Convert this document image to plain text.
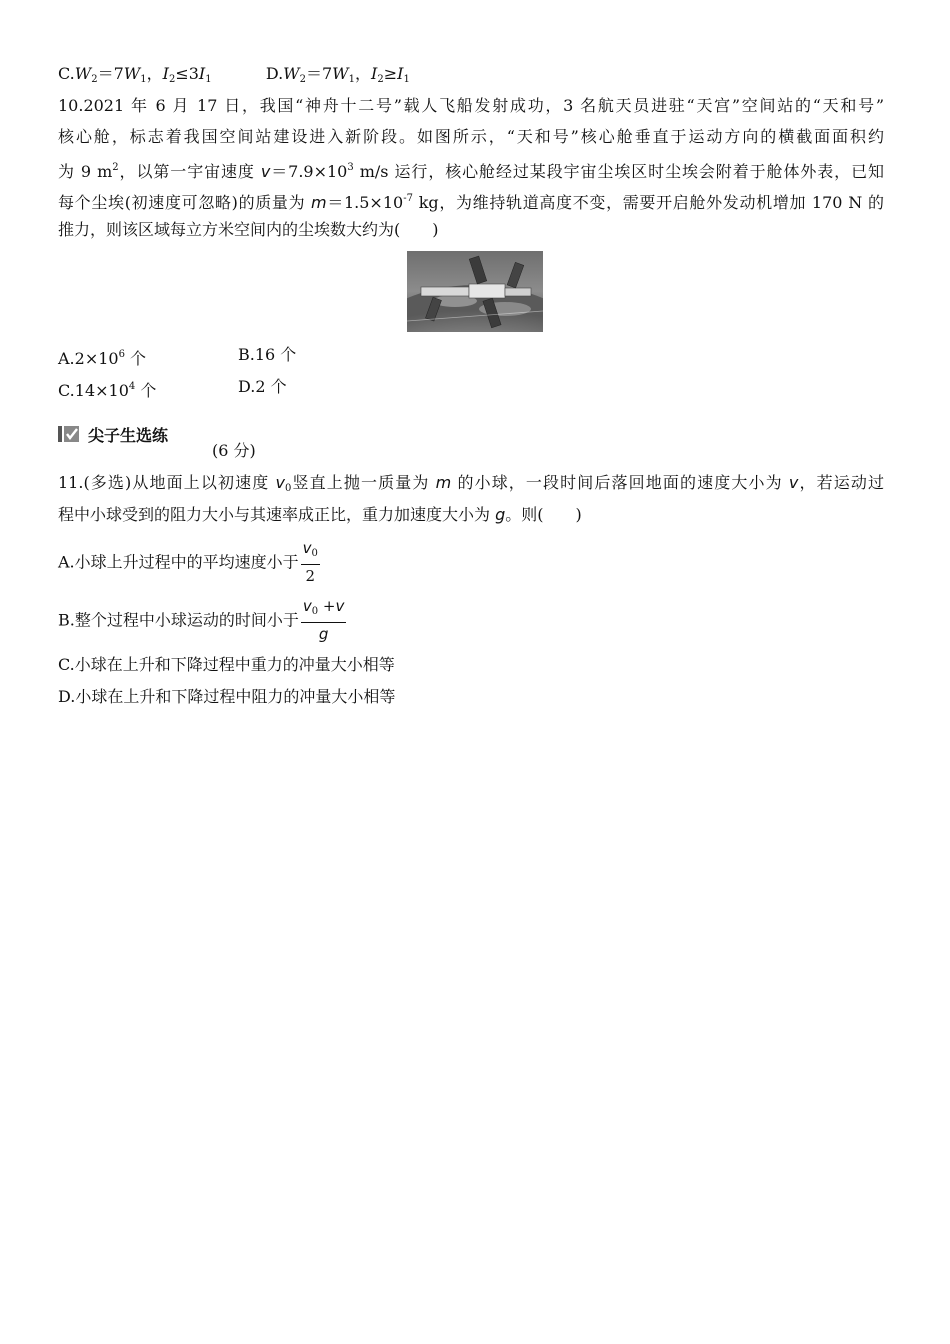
$C.W_2=7W_1$，$I_2\le 3I_1$	$D.W_2=7W_1$，$I_2\ge I_1$
10.2021 年 6 月 17 日，我国“神舟十二号”载人飞船发射成功，3 名航天员进驻“天宫”空间站的“天和号”
核心舱，标志着我国空间站建设进入新阶段。如图所示，“天和号”核心舱垂直于运动方向的横截面面积约
为 9 $m^2$，以第一宇宙速度 $v=7.9\times 10^3$ m/s 运行，核心舱经过某段宇宙尘埃区时尘埃会附着于舱体外表，已知
每个尘埃(初速度可忽略)的质量为 $m=1.5\times 10^{-7}$ kg，为维持轨道高度不变，需要开启舱外发动机增加 170 N 的
推力，则该区域每立方米空间内的尘埃数大约为(　　)
$A.2\times 10^6$ 个	B.16 个
$C.14\times 10^4$ 个	D.2 个
尖子生选练
(6 分)
11.(多选)从地面上以初速度 $v_0$竖直上抛一质量为 m 的小球，一段时间后落回地面的速度大小为 v，若运动过
程中小球受到的阻力大小与其速率成正比，重力加速度大小为 g。则(　　)
A.小球上升过程中的平均速度小于 $\frac{v_0}{2}$
B.整个过程中小球运动的时间小于 $\frac{v_0 +v}{g}$
C.小球在上升和下降过程中重力的冲量大小相等
D.小球在上升和下降过程中阻力的冲量大小相等
